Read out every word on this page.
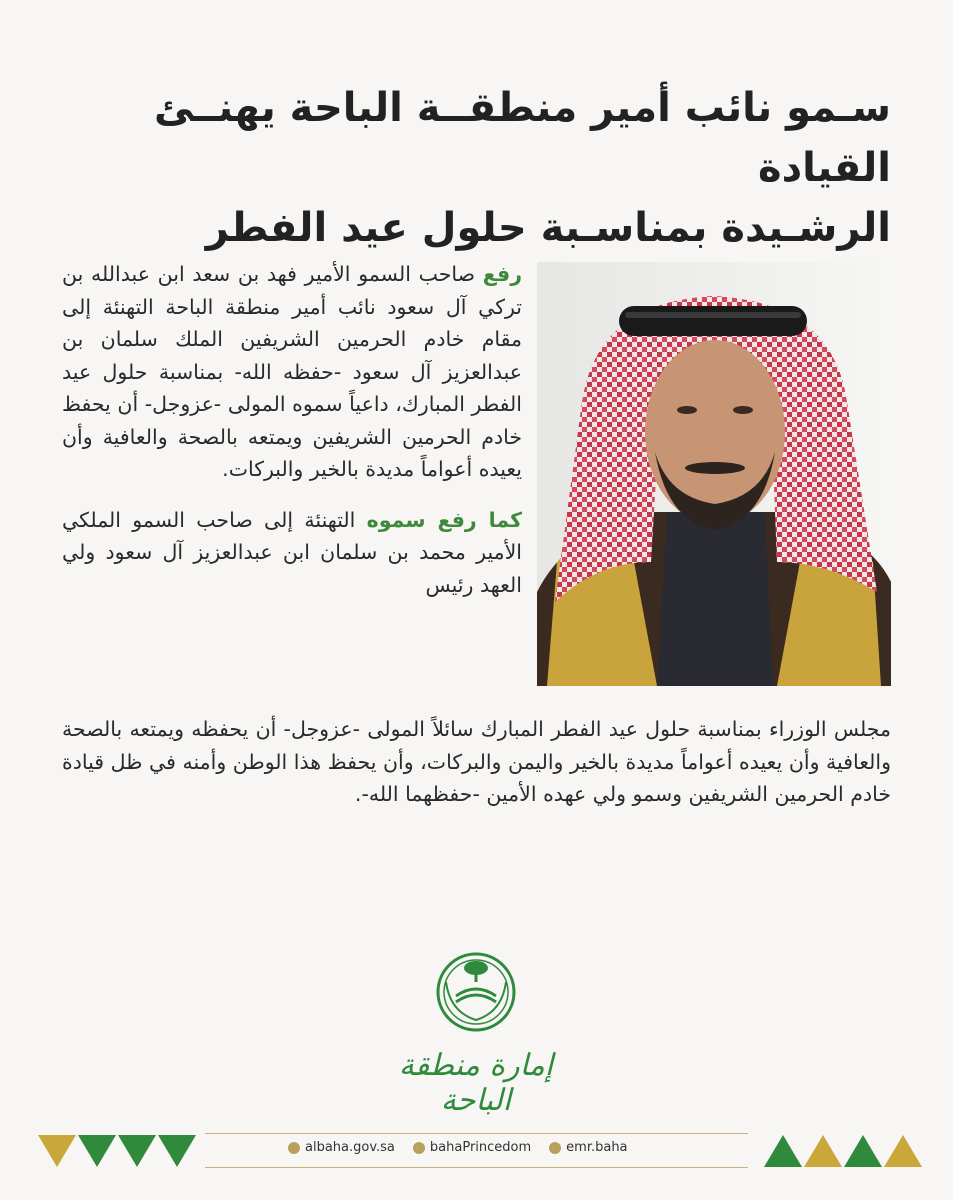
سـمو نائب أمير منطقــة الباحة يهنــئ القيادة
الرشـيدة بمناسـبة حلول عيد الفطر

رفع صاحب السمو الأمير فهد بن سعد ابن عبدالله بن تركي آل سعود نائب أمير منطقة الباحة التهنئة إلى مقام خادم الحرمين الشريفين الملك سلمان بن عبدالعزيز آل سعود -حفظه الله- بمناسبة حلول عيد الفطر المبارك، داعياً سموه المولى -عزوجل- أن يحفظ خادم الحرمين الشريفين ويمتعه بالصحة والعافية وأن يعيده أعواماً مديدة بالخير والبركات.

كما رفع سموه التهنئة إلى صاحب السمو الملكي الأمير محمد بن سلمان ابن عبدالعزيز آل سعود ولي العهد رئيس

مجلس الوزراء بمناسبة حلول عيد الفطر المبارك سائلاً المولى -عزوجل- أن يحفظه ويمتعه بالصحة والعافية وأن يعيده أعواماً مديدة بالخير واليمن والبركات، وأن يحفظ هذا الوطن وأمنه في ظل قيادة خادم الحرمين الشريفين وسمو ولي عهده الأمين -حفظهما الله-.
إمارة منطقة الباحة
albaha.gov.sa	bahaPrincedom	emr.baha
